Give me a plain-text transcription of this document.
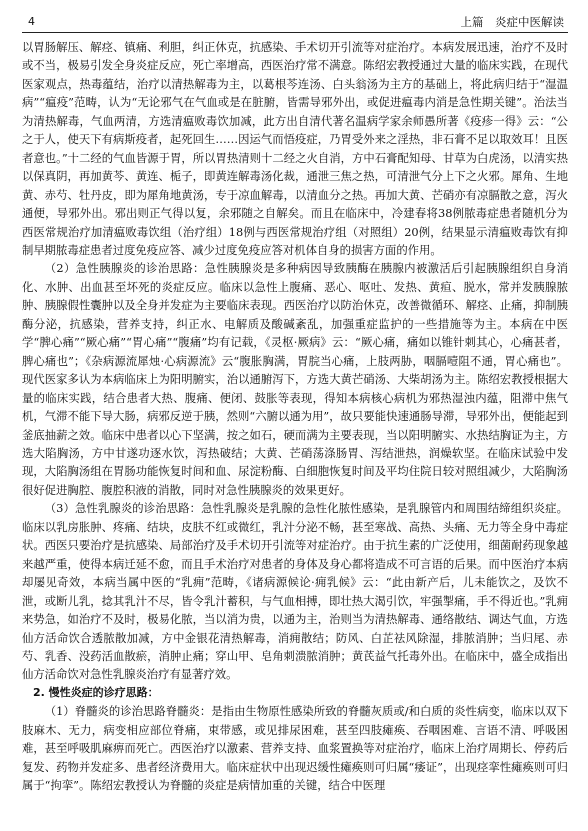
4	上篇　炎症中医解读

以胃肠解压、解痉、镇痛、利胆，纠正休克，抗感染、手术切开引流等对症治疗。本病发展迅速，治疗不及时或不当，极易引发全身炎症反应，死亡率增高，西医治疗常不满意。陈绍宏教授通过大量的临床实践，在现代医家观点，热毒蕴结，治疗以清热解毒为主，以葛根芩连汤、白头翁汤为主方的基础上，将此病归结于“湿温病”“瘟疫”范畴，认为“无论邪气在气血或是在脏腑，皆需导邪外出，或促进瘟毒内消是急性期关键”。治法当为清热解毒，气血两清，方选清瘟败毒饮加减，此方出自清代著名温病学家余师愚所著《疫疹一得》云：“公之于人，使天下有病斯疫者，起死回生……因运气而悟疫症，乃胃受外来之淫热，非石膏不足以取效耳！且医者意也。”十二经的气血皆源于胃，所以胃热清则十二经之火自消，方中石膏配知母、甘草为白虎汤，以清实热以保真阴，再加黄芩、黄连、栀子，即黄连解毒汤化裁，通泄三焦之热，可清泄气分上下之火邪。犀角、生地黄、赤芍、牡丹皮，即为犀角地黄汤，专于凉血解毒，以清血分之热。再加大黄、芒硝亦有凉膈散之意，泻火通便，导邪外出。邪出则正气得以复，余邪随之自解矣。而且在临床中，冷建春将38例脓毒症患者随机分为西医常规治疗加清瘟败毒饮组（治疗组）18例与西医常规治疗组（对照组）20例，结果显示清瘟败毒饮有抑制早期脓毒症患者过度免疫应答、减少过度免疫应答对机体自身的损害方面的作用。

（2）急性胰腺炎的诊治思路：急性胰腺炎是多种病因导致胰酶在胰腺内被激活后引起胰腺组织自身消化、水肿、出血甚至坏死的炎症反应。临床以急性上腹痛、恶心、呕吐、发热、黄疸、脱水，常并发胰腺脓肿、胰腺假性囊肿以及全身并发症为主要临床表现。西医治疗以防治休克，改善微循环、解痉、止痛，抑制胰酶分泌，抗感染，营养支持，纠正水、电解质及酸碱紊乱，加强重症监护的一些措施等为主。本病在中医学“脾心痛”“厥心痛”“胃心痛”“腹痛”均有记载，《灵枢·厥病》云：“厥心痛，痛如以锥针刺其心，心痛甚者，脾心痛也”；《杂病源流犀烛·心病源流》云“腹胀胸满，胃脘当心痛，上肢两胁，咽膈噎阻不通，胃心痛也”。现代医家多认为本病临床上为阳明腑实，治以通腑泻下，方选大黄芒硝汤、大柴胡汤为主。陈绍宏教授根据大量的临床实践，结合患者大热、腹痛、便闭、鼓胀等表现，得知本病核心病机为邪热湿浊内蕴，阻滞中焦气机，气滞不能下导大肠，病邪反逆于胰，然则“六腑以通为用”，故只要能快速通肠导滞，导邪外出，便能起到釜底抽薪之效。临床中患者以心下坚满，按之如石，硬而满为主要表现，当以阳明腑实、水热结胸证为主，方选大陷胸汤，方中甘遂功逐水饮，泻热破结；大黄、芒硝荡涤肠胃、泻结泄热，润燥软坚。在临床试验中发现，大陷胸汤组在胃肠功能恢复时间和血、尿淀粉酶、白细胞恢复时间及平均住院日较对照组减少，大陷胸汤很好促进胸腔、腹腔积液的消散，同时对急性胰腺炎的效果更好。

（3）急性乳腺炎的诊治思路：急性乳腺炎是乳腺的急性化脓性感染，是乳腺管内和周围结缔组织炎症。临床以乳房胀肿、疼痛、结块，皮肤不红或微红，乳汁分泌不畅，甚至寒战、高热、头痛、无力等全身中毒症状。西医只要治疗是抗感染、局部治疗及手术切开引流等对症治疗。由于抗生素的广泛使用，细菌耐药现象越来越严重，使得本病迁延不愈，而且手术治疗对患者的身体及身心都将造成不可言语的后果。而中医治疗本病却屡见奇效，本病当属中医的“乳痈”范畴，《诸病源候论·痈乳候》云：“此由新产后，儿未能饮之，及饮不泄，或断儿乳，捻其乳汁不尽，皆令乳汁蓄积，与气血相搏，即壮热大渴引饮，牢强掣痛，手不得近也。”乳痈来势急，如治疗不及时，极易化脓，当以消为贵，以通为主，治则当为清热解毒、通络散结、调达气血，方选仙方活命饮合透脓散加减，方中金银花清热解毒，消痈散结；防风、白芷祛风除湿，排脓消肿；当归尾、赤芍、乳香、没药活血散瘀，消肿止痛；穿山甲、皂角刺溃脓消肿；黄芪益气托毒外出。在临床中，盛全成指出仙方活命饮对急性乳腺炎治疗有显著疗效。

2. 慢性炎症的诊疗思路：

（1）脊髓炎的诊治思路脊髓炎：是指由生物原性感染所致的脊髓灰质或/和白质的炎性病变，临床以双下肢麻木、无力，病变相应部位脊痛，束带感，或见排尿困难，甚至四肢瘫痪、吞咽困难、言语不清、呼吸困难，甚至呼吸肌麻痹而死亡。西医治疗以激素、营养支持、血浆置换等对症治疗，临床上治疗周期长、停药后复发、药物并发症多、患者经济费用大。临床症状中出现迟缓性瘫痪则可归属“痿证”，出现痉挛性瘫痪则可归属于“拘挛”。陈绍宏教授认为脊髓的炎症是病情加重的关键，结合中医理
